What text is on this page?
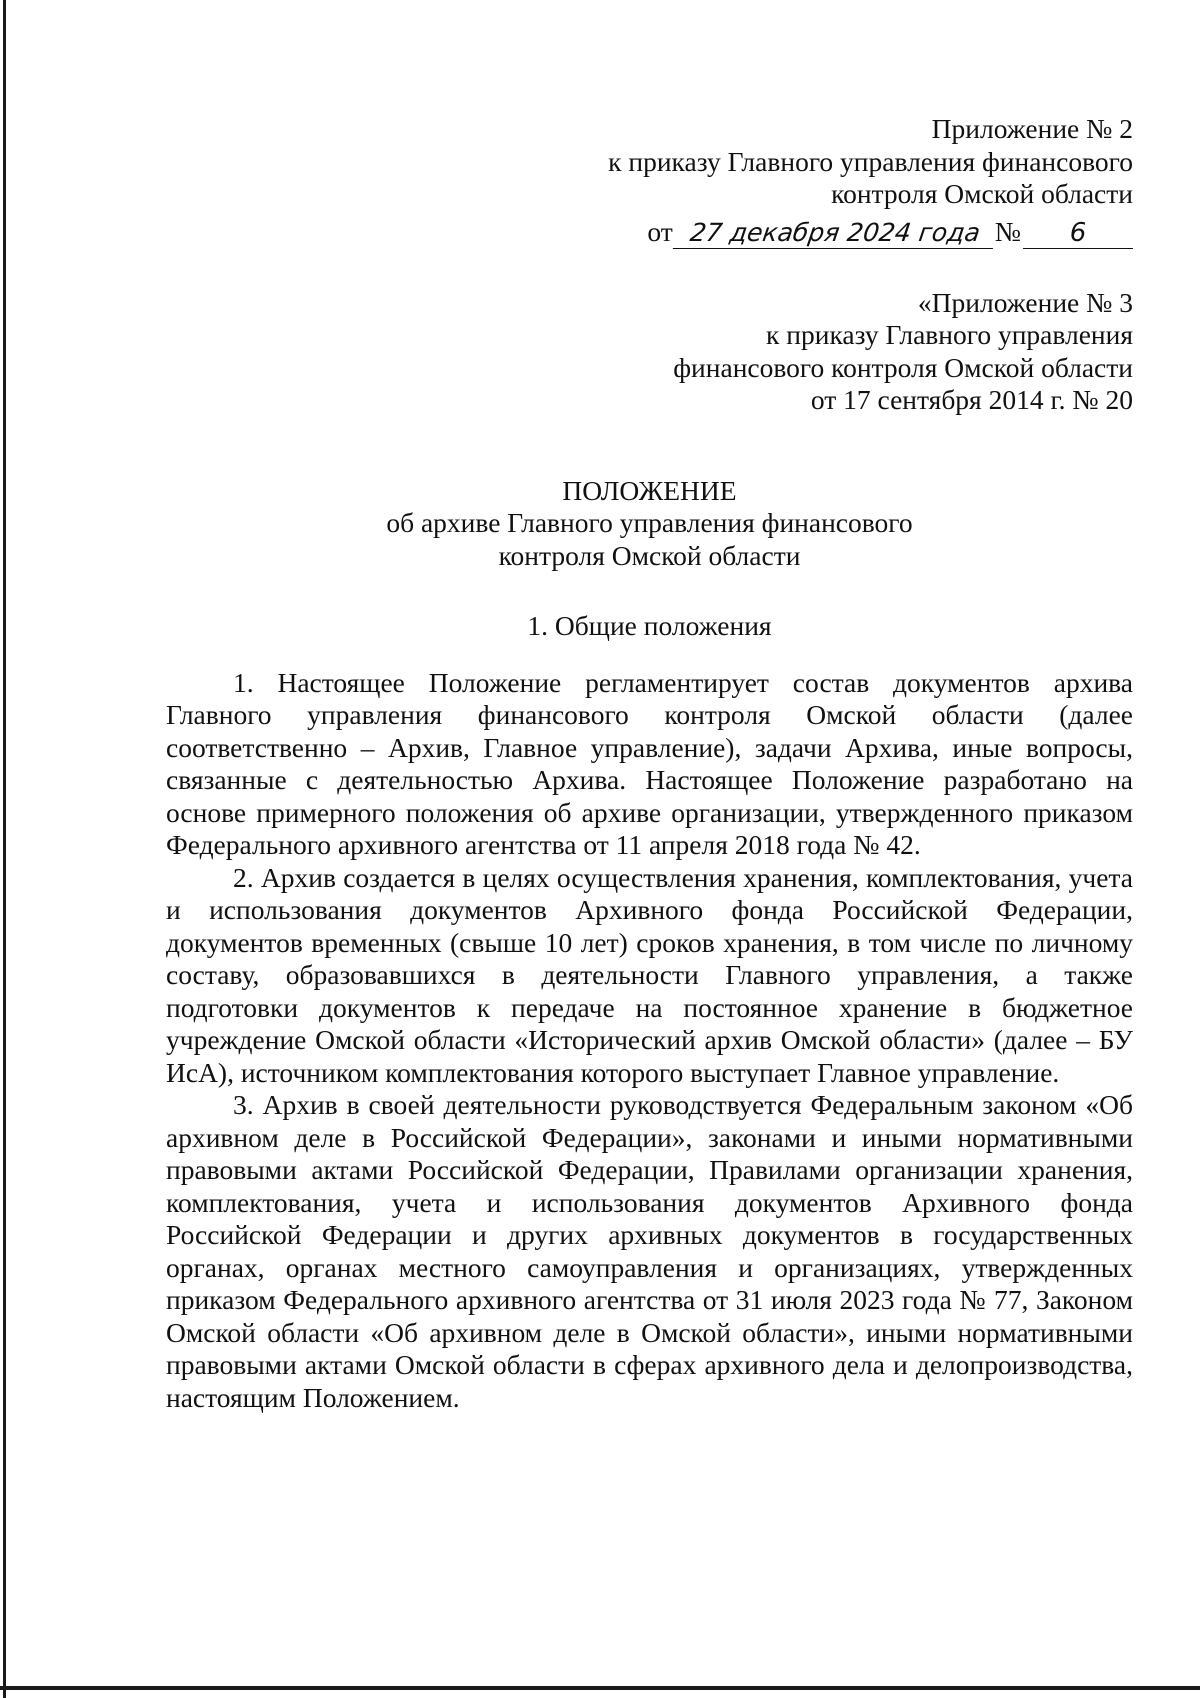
Приложение № 2
к приказу Главного управления финансового
контроля Омской области
от 27 декабря 2024 года №	6
«Приложение № 3
к приказу Главного управления
финансового контроля Омской области
от 17 сентября 2014 г. № 20
ПОЛОЖЕНИЕ
об архиве Главного управления финансового
контроля Омской области
1. Общие положения

1. Настоящее Положение регламентирует состав документов архива Главного управления финансового контроля Омской области (далее соответственно – Архив, Главное управление), задачи Архива, иные вопросы, связанные с деятельностью Архива. Настоящее Положение разработано на основе примерного положения об архиве организации, утвержденного приказом Федерального архивного агентства от 11 апреля 2018 года № 42.

2. Архив создается в целях осуществления хранения, комплектования, учета и использования документов Архивного фонда Российской Федерации, документов временных (свыше 10 лет) сроков хранения, в том числе по личному составу, образовавшихся в деятельности Главного управления, а также подготовки документов к передаче на постоянное хранение в бюджетное учреждение Омской области «Исторический архив Омской области» (далее – БУ ИсА), источником комплектования которого выступает Главное управление.

3. Архив в своей деятельности руководствуется Федеральным законом «Об архивном деле в Российской Федерации», законами и иными нормативными правовыми актами Российской Федерации, Правилами организации хранения, комплектования, учета и использования документов Архивного фонда Российской Федерации и других архивных документов в государственных органах, органах местного самоуправления и организациях, утвержденных приказом Федерального архивного агентства от 31 июля 2023 года № 77, Законом Омской области «Об архивном деле в Омской области», иными нормативными правовыми актами Омской области в сферах архивного дела и делопроизводства, настоящим Положением.
